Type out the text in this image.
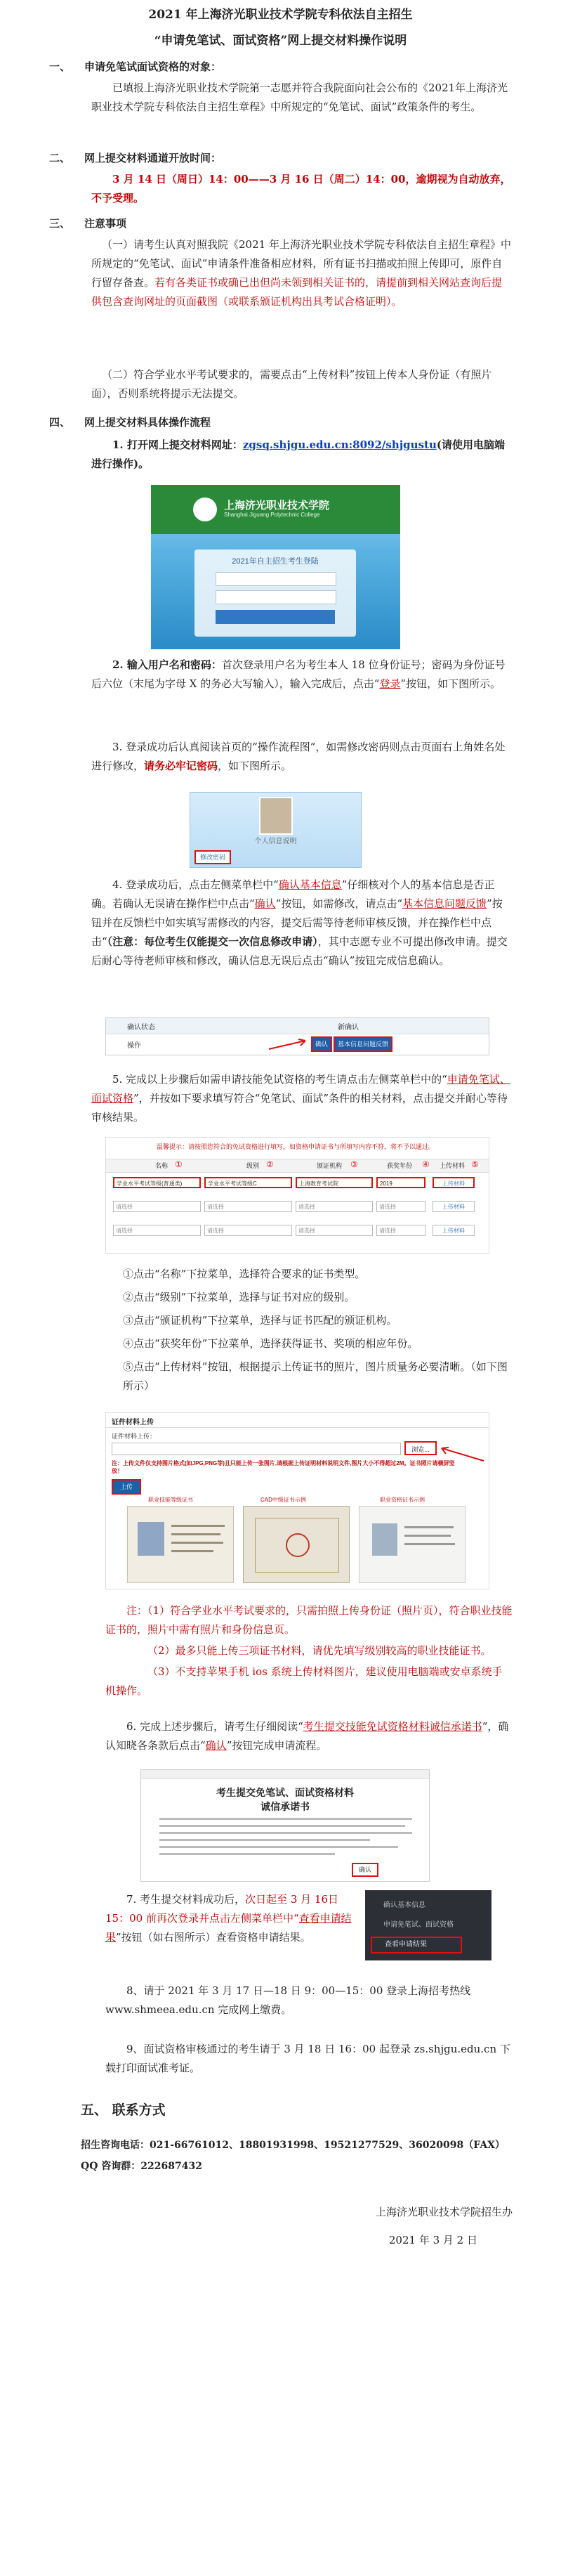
2021 年上海济光职业技术学院专科依法自主招生

“申请免笔试、面试资格”网上提交材料操作说明

一、 申请免笔试面试资格的对象：

已填报上海济光职业技术学院第一志愿并符合我院面向社会公布的《2021年上海济光职业技术学院专科依法自主招生章程》中所规定的“免笔试、面试”政策条件的考生。

二、 网上提交材料通道开放时间：

3 月 14 日（周日）14：00——3 月 16 日（周二）14：00，逾期视为自动放弃，不予受理。

三、 注意事项

（一）请考生认真对照我院《2021 年上海济光职业技术学院专科依法自主招生章程》中所规定的“免笔试、面试”申请条件准备相应材料，所有证书扫描或拍照上传即可，原件自行留存备查。若有各类证书或确已出但尚未领到相关证书的，请提前到相关网站查询后提供包含查询网址的页面截图（或联系颁证机构出具考试合格证明）。

（二）符合学业水平考试要求的，需要点击“上传材料”按钮上传本人身份证（有照片面），否则系统将提示无法提交。

四、 网上提交材料具体操作流程

1. 打开网上提交材料网址：zgsq.shjgu.edu.cn:8092/shjgustu(请使用电脑端进行操作)。

上海济光职业技术学院
Shanghai Jiguang Polytechnic College
2021年自主招生考生登陆

2. 输入用户名和密码：首次登录用户名为考生本人 18 位身份证号；密码为身份证号后六位（末尾为字母 X 的务必大写输入），输入完成后，点击“登录”按钮，如下图所示。

3. 登录成功后认真阅读首页的“操作流程图”，如需修改密码则点击页面右上角姓名处进行修改，请务必牢记密码，如下图所示。

个人信息说明
修改密码

4. 登录成功后，点击左侧菜单栏中“确认基本信息”仔细核对个人的基本信息是否正确。若确认无误请在操作栏中点击“确认”按钮，如需修改，请点击“基本信息问题反馈”按钮并在反馈栏中如实填写需修改的内容，提交后需等待老师审核反馈，并在操作栏中点击“（注意：每位考生仅能提交一次信息修改申请），其中志愿专业不可提出修改申请。提交后耐心等待老师审核和修改，确认信息无误后点击“确认”按钮完成信息确认。

确认状态	新确认
操作	确认	基本信息问题反馈

5. 完成以上步骤后如需申请技能免试资格的考生请点击左侧菜单栏中的“申请免笔试、面试资格”，并按如下要求填写符合“免笔试、面试”条件的相关材料，点击提交并耐心等待审核结果。

温馨提示：请按照您符合的免试资格进行填写，如资格申请证书与所填写内容不符，将不予以通过。
名称	级别	颁证机构	获奖年份	上传材料
①	②	③	④	⑤
学业水平考试等级(普通类)	学业水平考试等级C	上海教育考试院	2019	上传材料
请选择	请选择	请选择	请选择	上传材料
请选择	请选择	请选择	请选择	上传材料

①点击“名称”下拉菜单，选择符合要求的证书类型。

②点击“级别”下拉菜单，选择与证书对应的级别。

③点击“颁证机构”下拉菜单，选择与证书匹配的颁证机构。

④点击“获奖年份”下拉菜单，选择获得证书、奖项的相应年份。

⑤点击“上传材料”按钮，根据提示上传证书的照片，图片质量务必要清晰。（如下图所示）

证件材料上传
证件材料上传：
浏览...
注：上传文件仅支持图片格式(如JPG,PNG等)且只能上传一张图片,请根据上传证明材料说明文件,图片大小不得超过2M。证书照片请横屏竖放！
上传
职业技能等级证书	CAD中级证书示例	职业资格证书示例

注：（1）符合学业水平考试要求的，只需拍照上传身份证（照片页），符合职业技能证书的，照片中需有照片和身份信息页。

（2）最多只能上传三项证书材料，请优先填写级别较高的职业技能证书。

（3）不支持苹果手机 ios 系统上传材料图片，建议使用电脑端或安卓系统手机操作。

6. 完成上述步骤后，请考生仔细阅读“考生提交技能免试资格材料诚信承诺书”，确认知晓各条款后点击“确认”按钮完成申请流程。

考生提交免笔试、面试资格材料
诚信承诺书
确认

7. 考生提交材料成功后，次日起至 3 月 16日 15：00 前再次登录并点击左侧菜单栏中“查看申请结果”按钮（如右图所示）查看资格申请结果。

确认基本信息
申请免笔试、面试资格
查看申请结果

8、请于 2021 年 3 月 17 日—18 日 9：00—15：00 登录上海招考热线www.shmeea.edu.cn 完成网上缴费。

9、面试资格审核通过的考生请于 3 月 18 日 16：00 起登录 zs.shjgu.edu.cn 下载打印面试准考证。

五、 联系方式

招生咨询电话：021-66761012、18801931998、19521277529、36020098（FAX）

QQ 咨询群：222687432

上海济光职业技术学院招生办

2021 年 3 月 2 日
